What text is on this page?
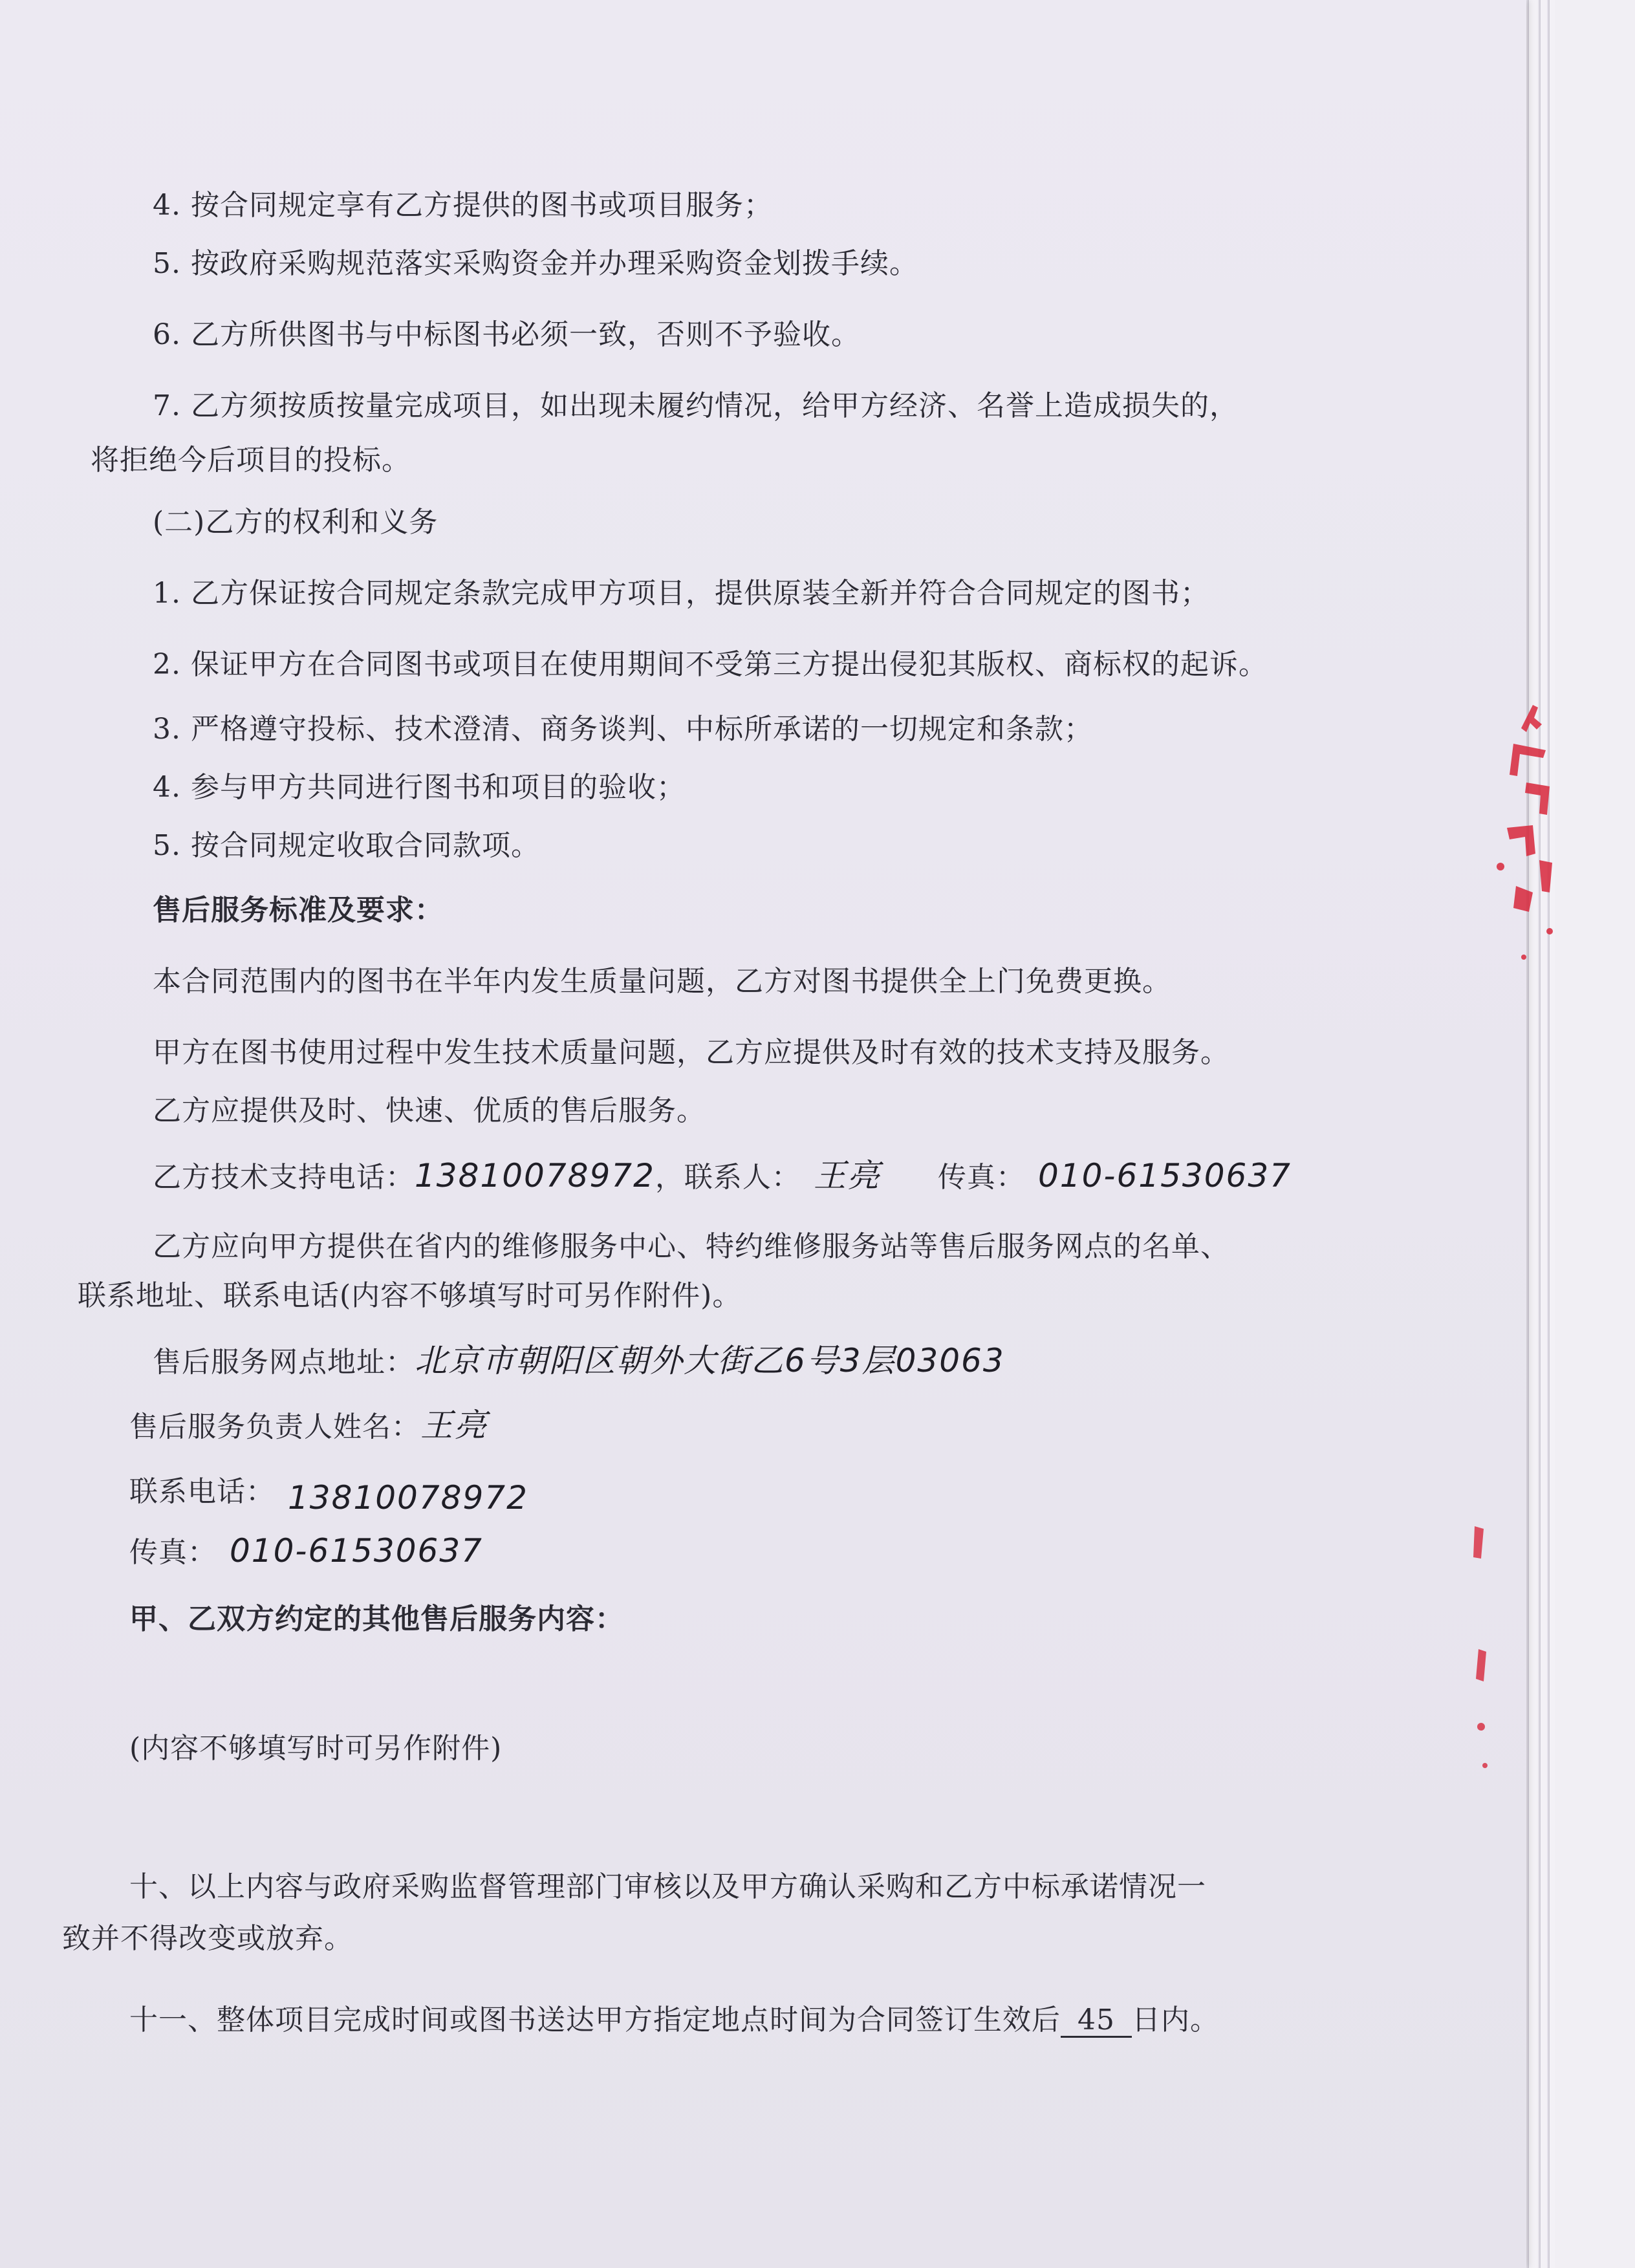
4. 按合同规定享有乙方提供的图书或项目服务；
5. 按政府采购规范落实采购资金并办理采购资金划拨手续。
6. 乙方所供图书与中标图书必须一致，否则不予验收。
7. 乙方须按质按量完成项目，如出现未履约情况，给甲方经济、名誉上造成损失的，
将拒绝今后项目的投标。
(二)乙方的权利和义务
1. 乙方保证按合同规定条款完成甲方项目，提供原装全新并符合合同规定的图书；
2. 保证甲方在合同图书或项目在使用期间不受第三方提出侵犯其版权、商标权的起诉。
3. 严格遵守投标、技术澄清、商务谈判、中标所承诺的一切规定和条款；
4. 参与甲方共同进行图书和项目的验收；
5. 按合同规定收取合同款项。
售后服务标准及要求：
本合同范围内的图书在半年内发生质量问题，乙方对图书提供全上门免费更换。
甲方在图书使用过程中发生技术质量问题，乙方应提供及时有效的技术支持及服务。
乙方应提供及时、快速、优质的售后服务。
乙方技术支持电话：13810078972，联系人： 王亮 传真： 010-61530637
乙方应向甲方提供在省内的维修服务中心、特约维修服务站等售后服务网点的名单、
联系地址、联系电话(内容不够填写时可另作附件)。
售后服务网点地址：北京市朝阳区朝外大街乙6号3层03063
售后服务负责人姓名：王亮
联系电话： 13810078972
传真： 010-61530637
甲、乙双方约定的其他售后服务内容：
(内容不够填写时可另作附件)
十、以上内容与政府采购监督管理部门审核以及甲方确认采购和乙方中标承诺情况一
致并不得改变或放弃。
十一、整体项目完成时间或图书送达甲方指定地点时间为合同签订生效后 45 日内。
